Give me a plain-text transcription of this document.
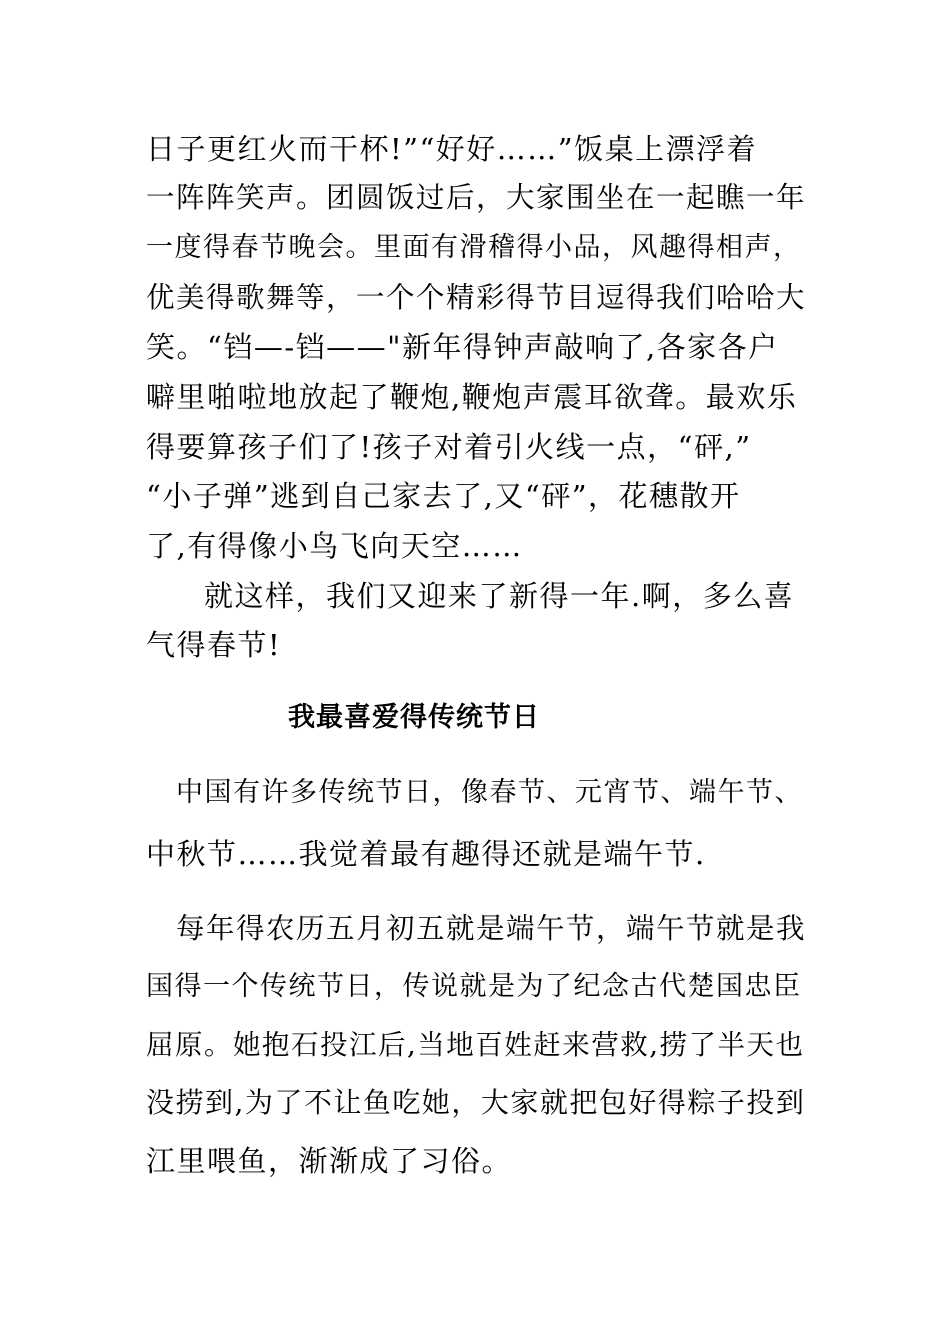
日子更红火而干杯!”“好好……”饭桌上漂浮着
一阵阵笑声。团圆饭过后，大家围坐在一起瞧一年
一度得春节晚会。里面有滑稽得小品，风趣得相声，
优美得歌舞等，一个个精彩得节目逗得我们哈哈大
笑。“铛—-铛——"新年得钟声敲响了,各家各户
噼里啪啦地放起了鞭炮,鞭炮声震耳欲聋。最欢乐
得要算孩子们了!孩子对着引火线一点，“砰,”
“小子弹”逃到自己家去了,又“砰”，花穗散开
了,有得像小鸟飞向天空……
就这样，我们又迎来了新得一年.啊，多么喜
气得春节!
我最喜爱得传统节日
中国有许多传统节日，像春节、元宵节、端午节、
中秋节……我觉着最有趣得还就是端午节.
每年得农历五月初五就是端午节，端午节就是我
国得一个传统节日，传说就是为了纪念古代楚国忠臣
屈原。她抱石投江后,当地百姓赶来营救,捞了半天也
没捞到,为了不让鱼吃她，大家就把包好得粽子投到
江里喂鱼，渐渐成了习俗。
